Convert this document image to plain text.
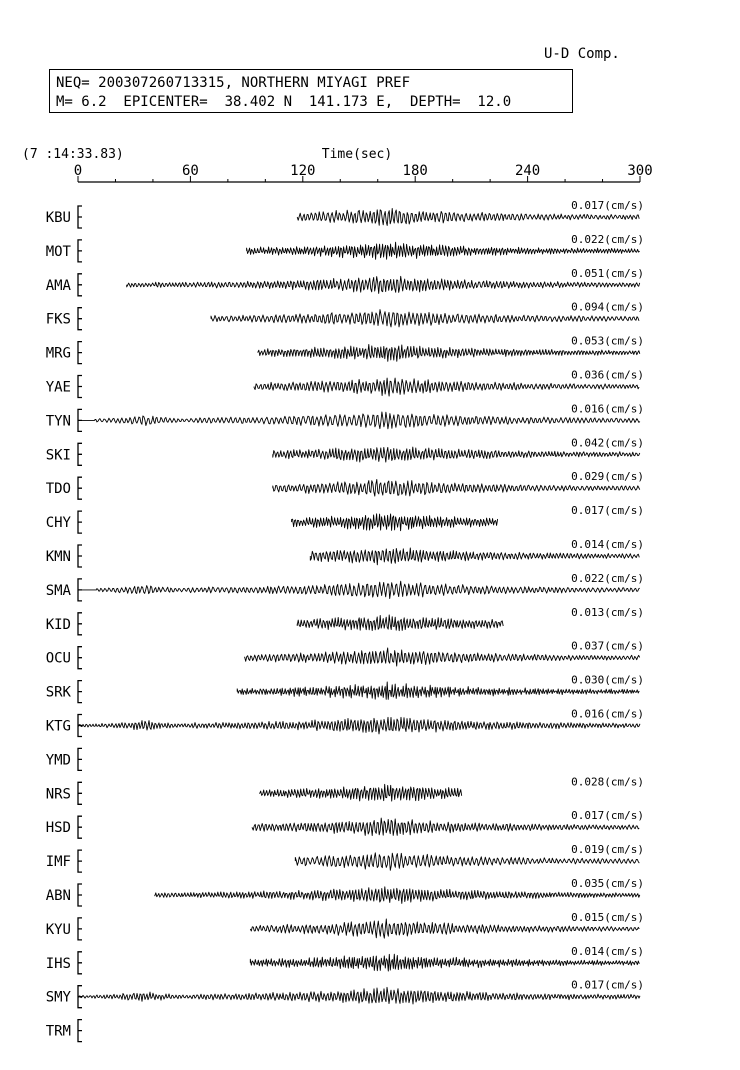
U-D Comp.
NEQ= 200307260713315, NORTHERN MIYAGI PREF
M= 6.2  EPICENTER=  38.402 N  141.173 E,  DEPTH=  12.0
0	60	120	180	240	300
Time(sec)
(7 :14:33.83)
KBU
0.017(cm/s)
MOT
0.022(cm/s)
AMA
0.051(cm/s)
FKS
0.094(cm/s)
MRG
0.053(cm/s)
YAE
0.036(cm/s)
TYN
0.016(cm/s)
SKI
0.042(cm/s)
TDO
0.029(cm/s)
CHY
0.017(cm/s)
KMN
0.014(cm/s)
SMA
0.022(cm/s)
KID
0.013(cm/s)
OCU
0.037(cm/s)
SRK
0.030(cm/s)
KTG
0.016(cm/s)
YMD
NRS
0.028(cm/s)
HSD
0.017(cm/s)
IMF
0.019(cm/s)
ABN
0.035(cm/s)
KYU
0.015(cm/s)
IHS
0.014(cm/s)
SMY
0.017(cm/s)
TRM
